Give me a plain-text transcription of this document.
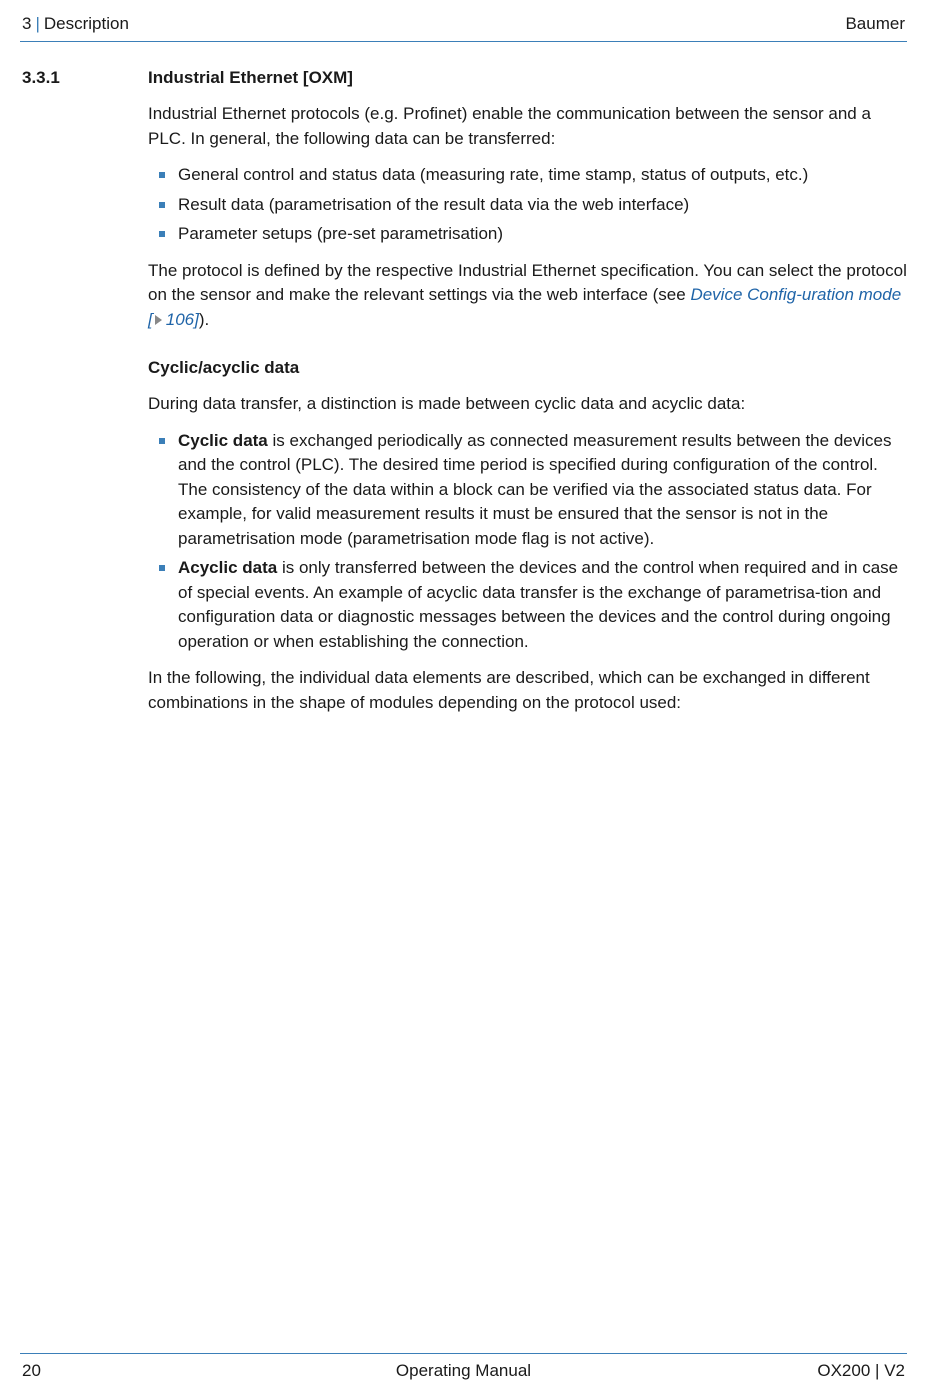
3 | Description	Baumer
3.3.1	Industrial Ethernet [OXM]

Industrial Ethernet protocols (e.g. Profinet) enable the communication between the sensor and a PLC. In general, the following data can be transferred:

General control and status data (measuring rate, time stamp, status of outputs, etc.)
Result data (parametrisation of the result data via the web interface)
Parameter setups (pre-set parametrisation)

The protocol is defined by the respective Industrial Ethernet specification. You can select the protocol on the sensor and make the relevant settings via the web interface (see Device Config-uration mode [ 106]).

Cyclic/acyclic data

During data transfer, a distinction is made between cyclic data and acyclic data:

Cyclic data is exchanged periodically as connected measurement results between the devices and the control (PLC). The desired time period is specified during configuration of the control. The consistency of the data within a block can be verified via the associated status data. For example, for valid measurement results it must be ensured that the sensor is not in the parametrisation mode (parametrisation mode flag is not active).
Acyclic data is only transferred between the devices and the control when required and in case of special events. An example of acyclic data transfer is the exchange of parametrisa-tion and configuration data or diagnostic messages between the devices and the control during ongoing operation or when establishing the connection.

In the following, the individual data elements are described, which can be exchanged in different combinations in the shape of modules depending on the protocol used:

20	Operating Manual	OX200 | V2
